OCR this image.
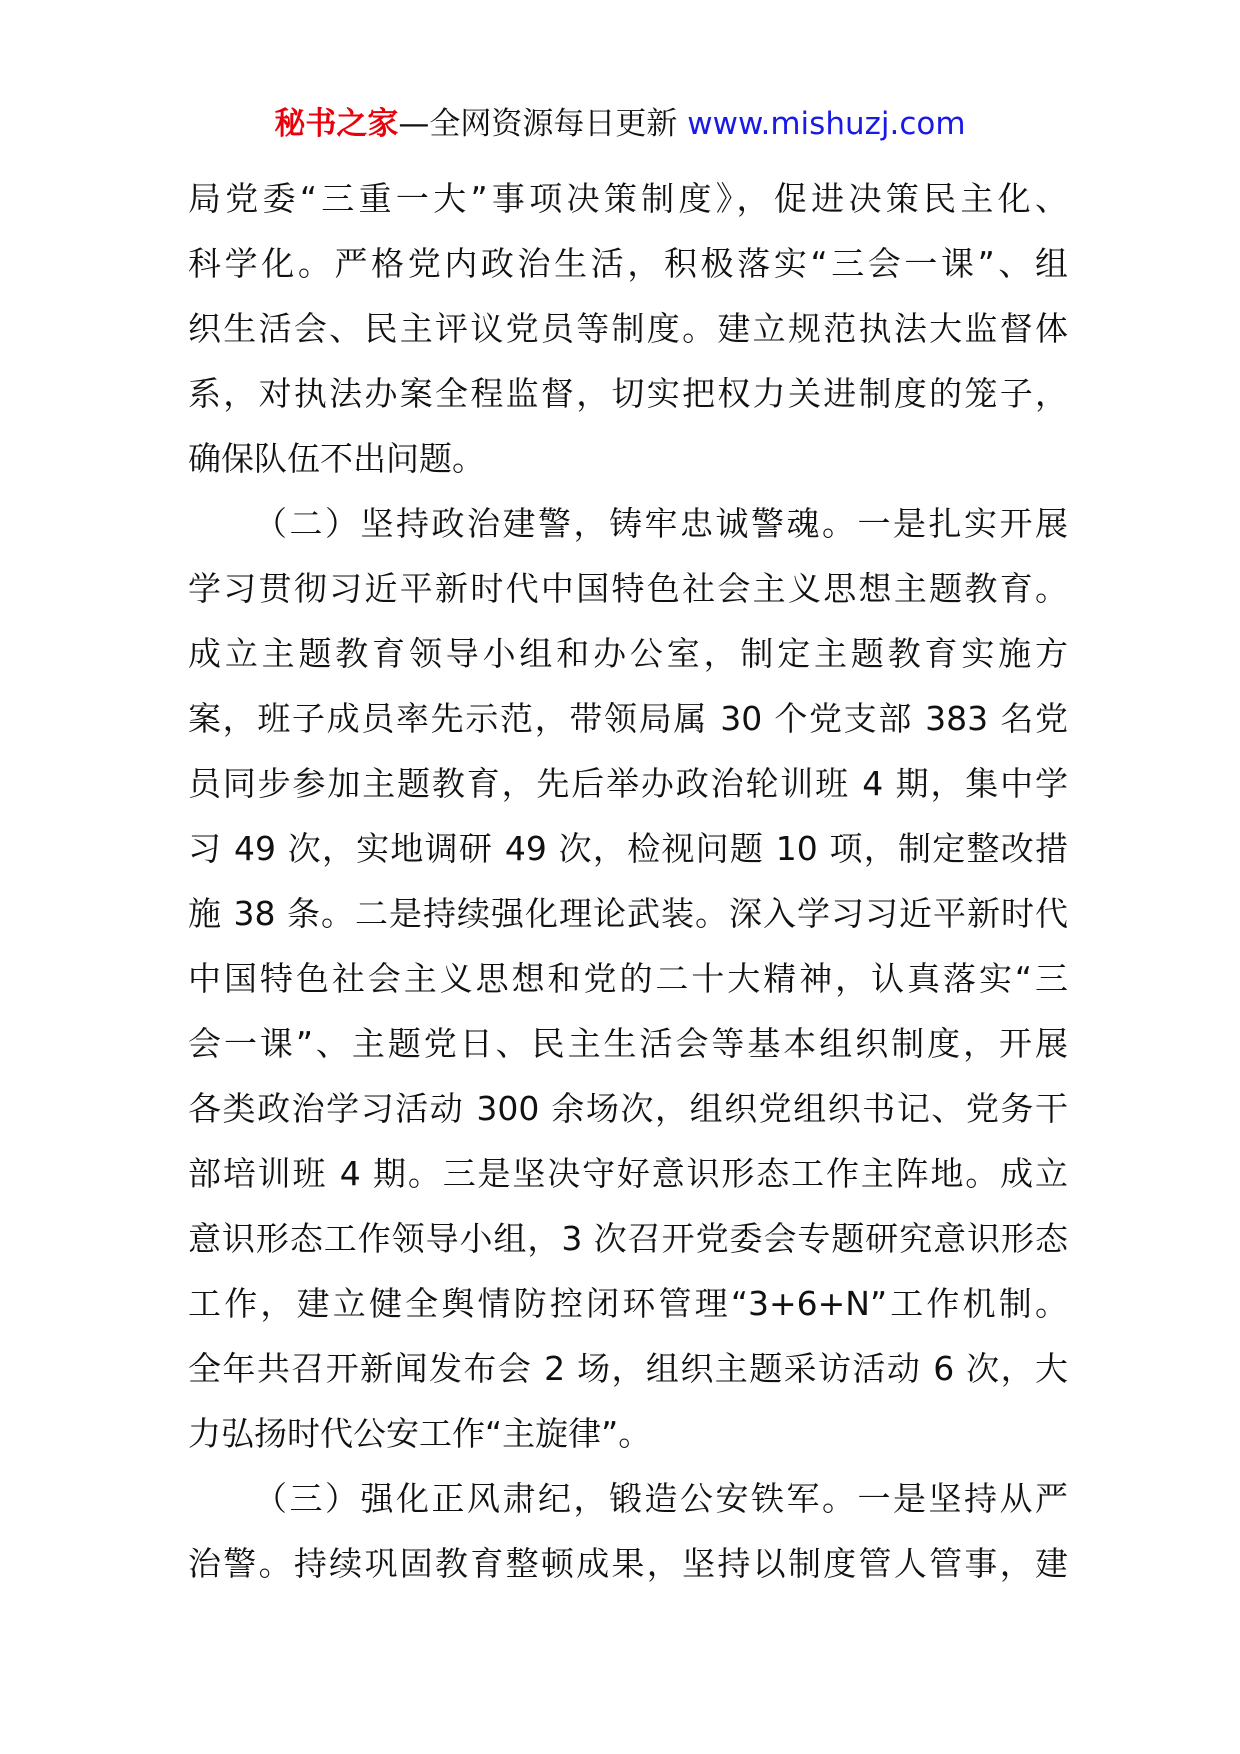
秘书之家—全网资源每日更新 www.mishuzj.com
局党委“三重一大”事项决策制度》，促进决策民主化、
科学化。严格党内政治生活，积极落实“三会一课”、组
织生活会、民主评议党员等制度。建立规范执法大监督体
系，对执法办案全程监督，切实把权力关进制度的笼子，
确保队伍不出问题。
（二）坚持政治建警，铸牢忠诚警魂。一是扎实开展
学习贯彻习近平新时代中国特色社会主义思想主题教育。
成立主题教育领导小组和办公室，制定主题教育实施方
案，班子成员率先示范，带领局属 30 个党支部 383 名党
员同步参加主题教育，先后举办政治轮训班 4 期，集中学
习 49 次，实地调研 49 次，检视问题 10 项，制定整改措
施 38 条。二是持续强化理论武装。深入学习习近平新时代
中国特色社会主义思想和党的二十大精神，认真落实“三
会一课”、主题党日、民主生活会等基本组织制度，开展
各类政治学习活动 300 余场次，组织党组织书记、党务干
部培训班 4 期。三是坚决守好意识形态工作主阵地。成立
意识形态工作领导小组，3 次召开党委会专题研究意识形态
工作，建立健全舆情防控闭环管理“3+6+N”工作机制。
全年共召开新闻发布会 2 场，组织主题采访活动 6 次，大
力弘扬时代公安工作“主旋律”。
（三）强化正风肃纪，锻造公安铁军。一是坚持从严
治警。持续巩固教育整顿成果，坚持以制度管人管事，建
